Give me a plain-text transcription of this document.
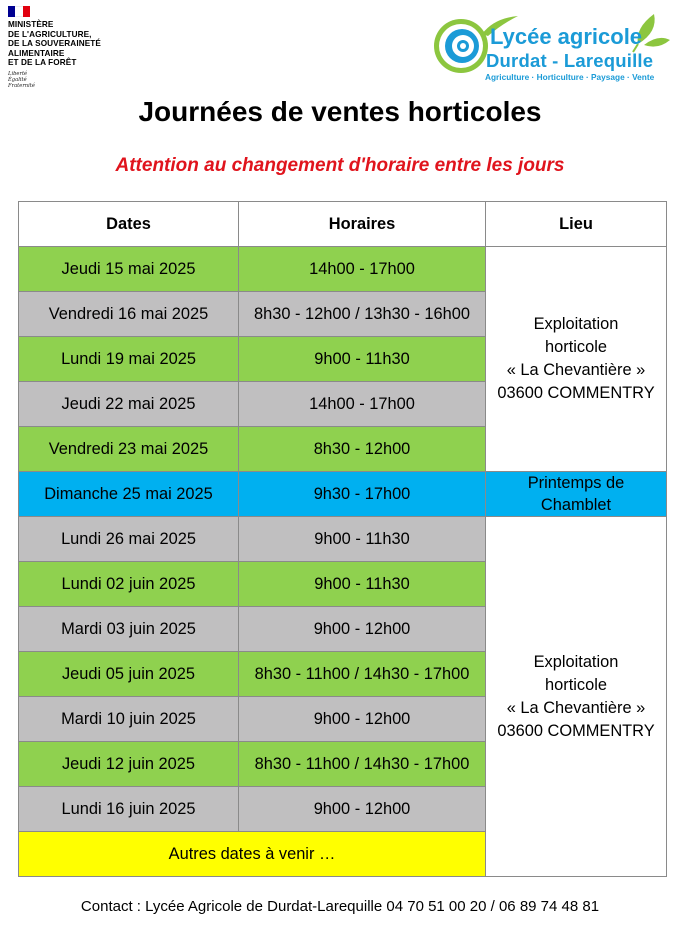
MINISTÈRE
DE L'AGRICULTURE,
DE LA SOUVERAINETÉ
ALIMENTAIRE
ET DE LA FORÊT
Liberté
Égalité
Fraternité
Lycée agricole
Durdat - Larequille
Agriculture · Horticulture · Paysage · Vente
Journées de ventes horticoles
Attention au changement d'horaire entre les jours
Dates	Horaires	Lieu
Jeudi 15 mai 2025	14h00 - 17h00	Exploitation
horticole
« La Chevantière »
03600 COMMENTRY
Vendredi 16 mai 2025	8h30 - 12h00 / 13h30 - 16h00	
Lundi 19 mai 2025	9h00 - 11h30	
Jeudi 22 mai 2025	14h00 - 17h00	
Vendredi 23 mai 2025	8h30 - 12h00	
Dimanche 25 mai 2025	9h30 - 17h00	Printemps de
Chamblet
Lundi 26 mai 2025	9h00 - 11h30	Exploitation
horticole
« La Chevantière »
03600 COMMENTRY
Lundi 02 juin 2025	9h00 - 11h30	
Mardi 03 juin 2025	9h00 - 12h00	
Jeudi 05 juin 2025	8h30 - 11h00 / 14h30 - 17h00	
Mardi 10 juin 2025	9h00 - 12h00	
Jeudi 12 juin 2025	8h30 - 11h00 / 14h30 - 17h00	
Lundi 16 juin 2025	9h00 - 12h00	
Autres dates à venir …		
Contact : Lycée Agricole de Durdat-Larequille 04 70 51 00 20 / 06 89 74 48 81
